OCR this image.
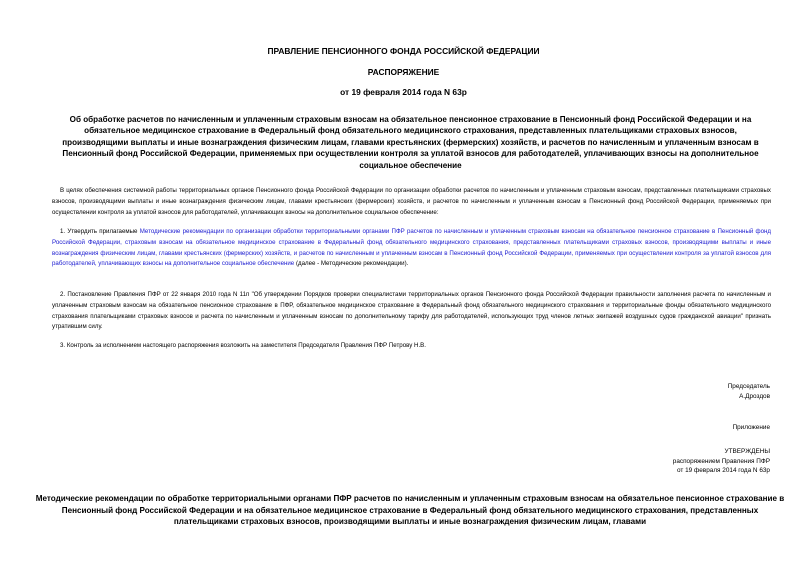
ПРАВЛЕНИЕ ПЕНСИОННОГО ФОНДА РОССИЙСКОЙ ФЕДЕРАЦИИ
РАСПОРЯЖЕНИЕ
от 19 февраля 2014 года N 63р
Об обработке расчетов по начисленным и уплаченным страховым взносам на обязательное пенсионное страхование в Пенсионный фонд Российской Федерации и на обязательное медицинское страхование в Федеральный фонд обязательного медицинского страхования, представленных плательщиками страховых взносов, производящими выплаты и иные вознаграждения физическим лицам, главами крестьянских (фермерских) хозяйств, и расчетов по начисленным и уплаченным взносам в Пенсионный фонд Российской Федерации, применяемых при осуществлении контроля за уплатой взносов для работодателей, уплачивающих взносы на дополнительное социальное обеспечение
В целях обеспечения системной работы территориальных органов Пенсионного фонда Российской Федерации по организации обработки расчетов по начисленным и уплаченным страховым взносам, представленных плательщиками страховых взносов, производящими выплаты и иные вознаграждения физическим лицам, главами крестьянских (фермерских) хозяйств, и расчетов по начисленным и уплаченным взносам в Пенсионный фонд Российской Федерации, применяемых при осуществлении контроля за уплатой взносов для работодателей, уплачивающих взносы на дополнительное социальное обеспечение:
1. Утвердить прилагаемые Методические рекомендации по организации обработки территориальными органами ПФР расчетов по начисленным и уплаченным страховым взносам на обязательное пенсионное страхование в Пенсионный фонд Российской Федерации, страховым взносам на обязательное медицинское страхование в Федеральный фонд обязательного медицинского страхования, представленных плательщиками страховых взносов, производящими выплаты и иные вознаграждения физическим лицам, главами крестьянских (фермерских) хозяйств, и расчетов по начисленным и уплаченным взносам в Пенсионный фонд Российской Федерации, применяемых при осуществлении контроля за уплатой взносов для работодателей, уплачивающих взносы на дополнительное социальное обеспечение (далее - Методические рекомендации).
2. Постановление Правления ПФР от 22 января 2010 года N 11п "Об утверждении Порядков проверки специалистами территориальных органов Пенсионного фонда Российской Федерации правильности заполнения расчета по начисленным и уплаченным страховым взносам на обязательное пенсионное страхование в ПФР, обязательное медицинское страхование в Федеральный фонд обязательного медицинского страхования и территориальные фонды обязательного медицинского страхования плательщиками страховых взносов и расчета по начисленным и уплаченным взносам по дополнительному тарифу для работодателей, использующих труд членов летных экипажей воздушных судов гражданской авиации" признать утратившим силу.
3. Контроль за исполнением настоящего распоряжения возложить на заместителя Председателя Правления ПФР Петрову Н.В.
Председатель
А.Дроздов
Приложение
УТВЕРЖДЕНЫ
распоряжением Правления ПФР
от 19 февраля 2014 года N 63р
Методические рекомендации по обработке территориальными органами ПФР расчетов по начисленным и уплаченным страховым взносам на обязательное пенсионное страхование в Пенсионный фонд Российской Федерации и на обязательное медицинское страхование в Федеральный фонд обязательного медицинского страхования, представленных плательщиками страховых взносов, производящими выплаты и иные вознаграждения физическим лицам, главами
